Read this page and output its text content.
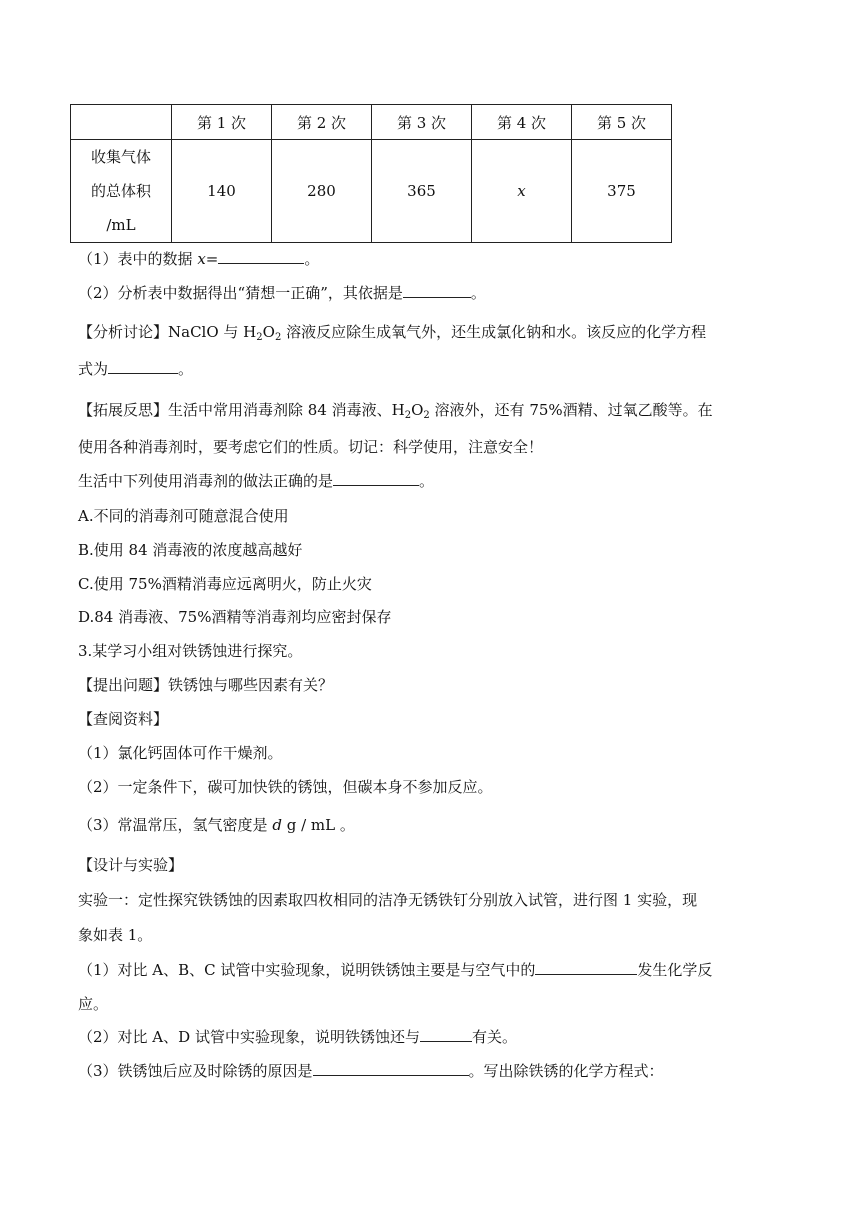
	第 1 次	第 2 次	第 3 次	第 4 次	第 5 次

收集气体
的总体积
/mL	140	280	365	x	375
（1）表中的数据 x=	。
（2）分析表中数据得出“猜想一正确”，其依据是	。
【分析讨论】NaClO 与 $H_2O_2$ 溶液反应除生成氧气外，还生成氯化钠和水。该反应的化学方程
式为	。
【拓展反思】生活中常用消毒剂除 84 消毒液、$H_2O_2$ 溶液外，还有 75%酒精、过氧乙酸等。在
使用各种消毒剂时，要考虑它们的性质。切记：科学使用，注意安全！
生活中下列使用消毒剂的做法正确的是	。
A.不同的消毒剂可随意混合使用
B.使用 84 消毒液的浓度越高越好
C.使用 75%酒精消毒应远离明火，防止火灾
D.84 消毒液、75%酒精等消毒剂均应密封保存
3.某学习小组对铁锈蚀进行探究。
【提出问题】铁锈蚀与哪些因素有关？
【查阅资料】
（1）氯化钙固体可作干燥剂。
（2）一定条件下，碳可加快铁的锈蚀，但碳本身不参加反应。
（3）常温常压，氢气密度是 d g / mL 。
【设计与实验】
实验一：定性探究铁锈蚀的因素取四枚相同的洁净无锈铁钉分别放入试管，进行图 1 实验，现
象如表 1。
（1）对比 A、B、C 试管中实验现象，说明铁锈蚀主要是与空气中的	发生化学反
应。
（2）对比 A、D 试管中实验现象，说明铁锈蚀还与	有关。
（3）铁锈蚀后应及时除锈的原因是	。写出除铁锈的化学方程式：
